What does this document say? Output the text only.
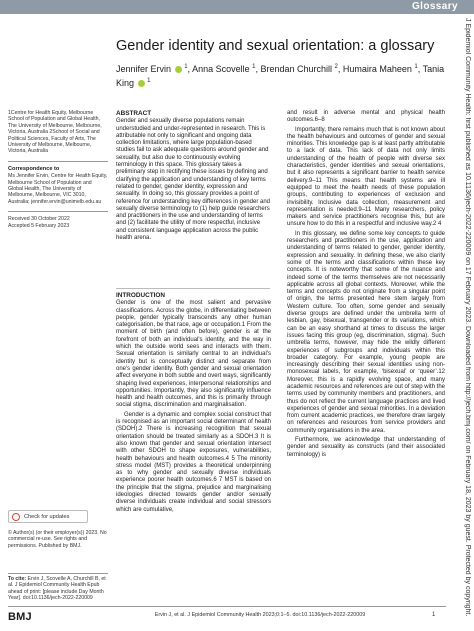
Glossary
J Epidemiol Community Health: first published as 10.1136/jech-2022-220009 on 17 February 2023. Downloaded from http://jech.bmj.com/ on February 18, 2023 by guest. Protected by copyright.
Gender identity and sexual orientation: a glossary
Jennifer Ervin  $^1$, Anna Scovelle $^1$, Brendan Churchill $^2$, Humaira Maheen $^1$, Tania King  $^1$
1Centre for Health Equity, Melbourne School of Population and Global Health, The University of Melbourne, Melbourne, Victoria, Australia 2School of Social and Political Sciences, Faculty of Arts, The University of Melbourne, Melbourne, Victoria, Australia
Correspondence to
Ms Jennifer Ervin, Centre for Health Equity, Melbourne School of Population and Global Health, The University of Melbourne, Melbourne, VIC 3010, Australia; jennifer.ervin@unimelb.edu.au
Received 30 October 2022
Accepted 5 February 2023
Check for updates
© Author(s) (or their employer(s)) 2023. No commercial re-use. See rights and permissions. Published by BMJ.
To cite: Ervin J, Scovelle A, Churchill B, et al. J Epidemiol Community Health Epub ahead of print: [please include Day Month Year]. doi:10.1136/jech-2022-220009
ABSTRACT
Gender and sexually diverse populations remain understudied and under-represented in research. This is attributable not only to significant and ongoing data collection limitations, where large population-based studies fail to ask adequate questions around gender and sexuality, but also due to continuously evolving terminology in this space. This glossary takes a preliminary step in rectifying these issues by defining and clarifying the application and understanding of key terms related to gender, gender identity, expression and sexuality. In doing so, this glossary provides a point of reference for understanding key differences in gender and sexually diverse terminology to (1) help guide researchers and practitioners in the use and understanding of terms and (2) facilitate the utility of more respectful, inclusive and consistent language application across the public health arena.
INTRODUCTION

Gender is one of the most salient and pervasive classifications. Across the globe, in differentiating between people, gender typically transcends any other human categorisation, be that race, age or occupation.1 From the moment of birth (and often before), gender is at the forefront of both an individual's identity, and the way in which the outside world sees and interacts with them. Sexual orientation is similarly central to an individual's identity but is conceptually distinct and separate from one's gender identity. Both gender and sexual orientation affect everyone in both subtle and overt ways, significantly shaping lived experiences, interpersonal relationships and opportunities. Importantly, they also significantly influence health and health outcomes, and this is primarily through social stigma, discrimination and marginalisation.

Gender is a dynamic and complex social construct that is recognised as an important social determinant of health (SDOH).2 There is increasing recognition that sexual orientation should be treated similarly as a SDOH.3 It is also known that gender and sexual orientation intersect with other SDOH to shape exposures, vulnerabilities, health behaviours and health outcomes.4 5 The minority stress model (MST) provides a theoretical underpinning as to why gender and sexually diverse individuals experience poorer health outcomes.6 7 MST is based on the principle that the stigma, prejudice and marginalising ideologies directed towards gender and/or sexually diverse individuals create individual and social stressors which are cumulative,

and result in adverse mental and physical health outcomes.6–8

Importantly, there remains much that is not known about the health behaviours and outcomes of gender and sexual minorities. This knowledge gap is at least partly attributable to a lack of data. This lack of data not only limits understanding of the health of people with diverse sex characteristics, gender identities and sexual orientations, but it also represents a significant barrier to health service delivery.9–11 This means that health systems are ill equipped to meet the health needs of these population groups, contributing to experiences of exclusion and invisibility. Inclusive data collection, measurement and representation is needed.9–11 Many researchers, policy makers and service practitioners recognise this, but are unsure how to do this in a respectful and inclusive way.2 4

In this glossary, we define some key concepts to guide researchers and practitioners in the use, application and understanding of terms related to gender, gender identity, expression and sexuality. In defining these, we also clarify some of the terms and classifications within these key concepts. It is noteworthy that some of the nuance and indeed some of the terms themselves are not necessarily applicable across all global contexts. Moreover, while the terms and concepts do not originate from a singular point of origin, the terms presented here stem largely from Western culture. Too often, some gender and sexually diverse groups are defined under the umbrella term of lesbian, gay, bisexual, transgender or its variations, which can be an easy shorthand at times to discuss the larger issues facing this group (eg, discrimination, stigma). Such umbrella terms, however, may hide the wildly different experiences of subgroups and individuals within this broader category. For example, young people are increasingly describing their sexual identities using non-monosexual labels, for example, ‘bisexual’ or ‘queer’.12 Moreover, this is a rapidly evolving space, and many academic resources and references are out of step with the terms used by community members and practitioners, and thus do not reflect the current language practices and lived experiences of gender and sexual minorities. In a deviation from current academic practices, we therefore draw largely on references and resources from service providers and community organisations in the area.

Furthermore, we acknowledge that understanding of gender and sexuality as constructs (and their associated terminology) is

BMJ	Ervin J, et al. J Epidemiol Community Health 2023;0:1–5. doi:10.1136/jech-2022-220009	1
